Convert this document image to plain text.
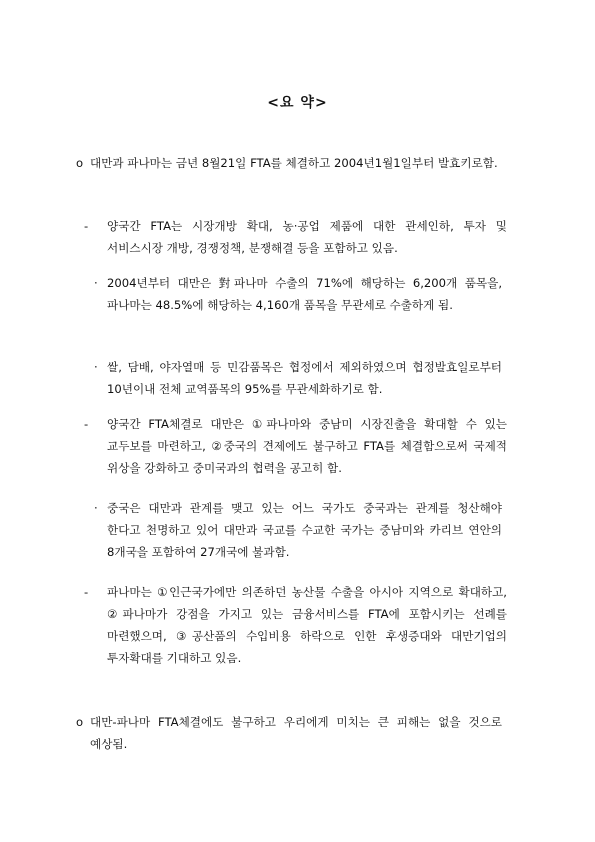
<요 약>
o 대만과 파나마는 금년 8월21일 FTA를 체결하고 2004년1월1일부터 발효키로함.
- 양국간 FTA는 시장개방 확대, 농·공업 제품에 대한 관세인하, 투자 및 서비스시장 개방, 경쟁정책, 분쟁해결 등을 포함하고 있음.
· 2004년부터 대만은 對파나마 수출의 71%에 해당하는 6,200개 품목을, 파나마는 48.5%에 해당하는 4,160개 품목을 무관세로 수출하게 됨.
· 쌀, 담배, 야자열매 등 민감품목은 협정에서 제외하였으며 협정발효일로부터 10년이내 전체 교역품목의 95%를 무관세화하기로 함.
- 양국간 FTA체결로 대만은 ①파나마와 중남미 시장진출을 확대할 수 있는 교두보를 마련하고, ②중국의 견제에도 불구하고 FTA를 체결함으로써 국제적 위상을 강화하고 중미국과의 협력을 공고히 함.
· 중국은 대만과 관계를 맺고 있는 어느 국가도 중국과는 관계를 청산해야 한다고 천명하고 있어 대만과 국교를 수교한 국가는 중남미와 카리브 연안의 8개국을 포함하여 27개국에 불과함.
- 파나마는 ①인근국가에만 의존하던 농산물 수출을 아시아 지역으로 확대하고, ②파나마가 강점을 가지고 있는 금융서비스를 FTA에 포함시키는 선례를 마련했으며, ③공산품의 수입비용 하락으로 인한 후생증대와 대만기업의 투자확대를 기대하고 있음.
o 대만-파나마 FTA체결에도 불구하고 우리에게 미치는 큰 피해는 없을 것으로 예상됨.
